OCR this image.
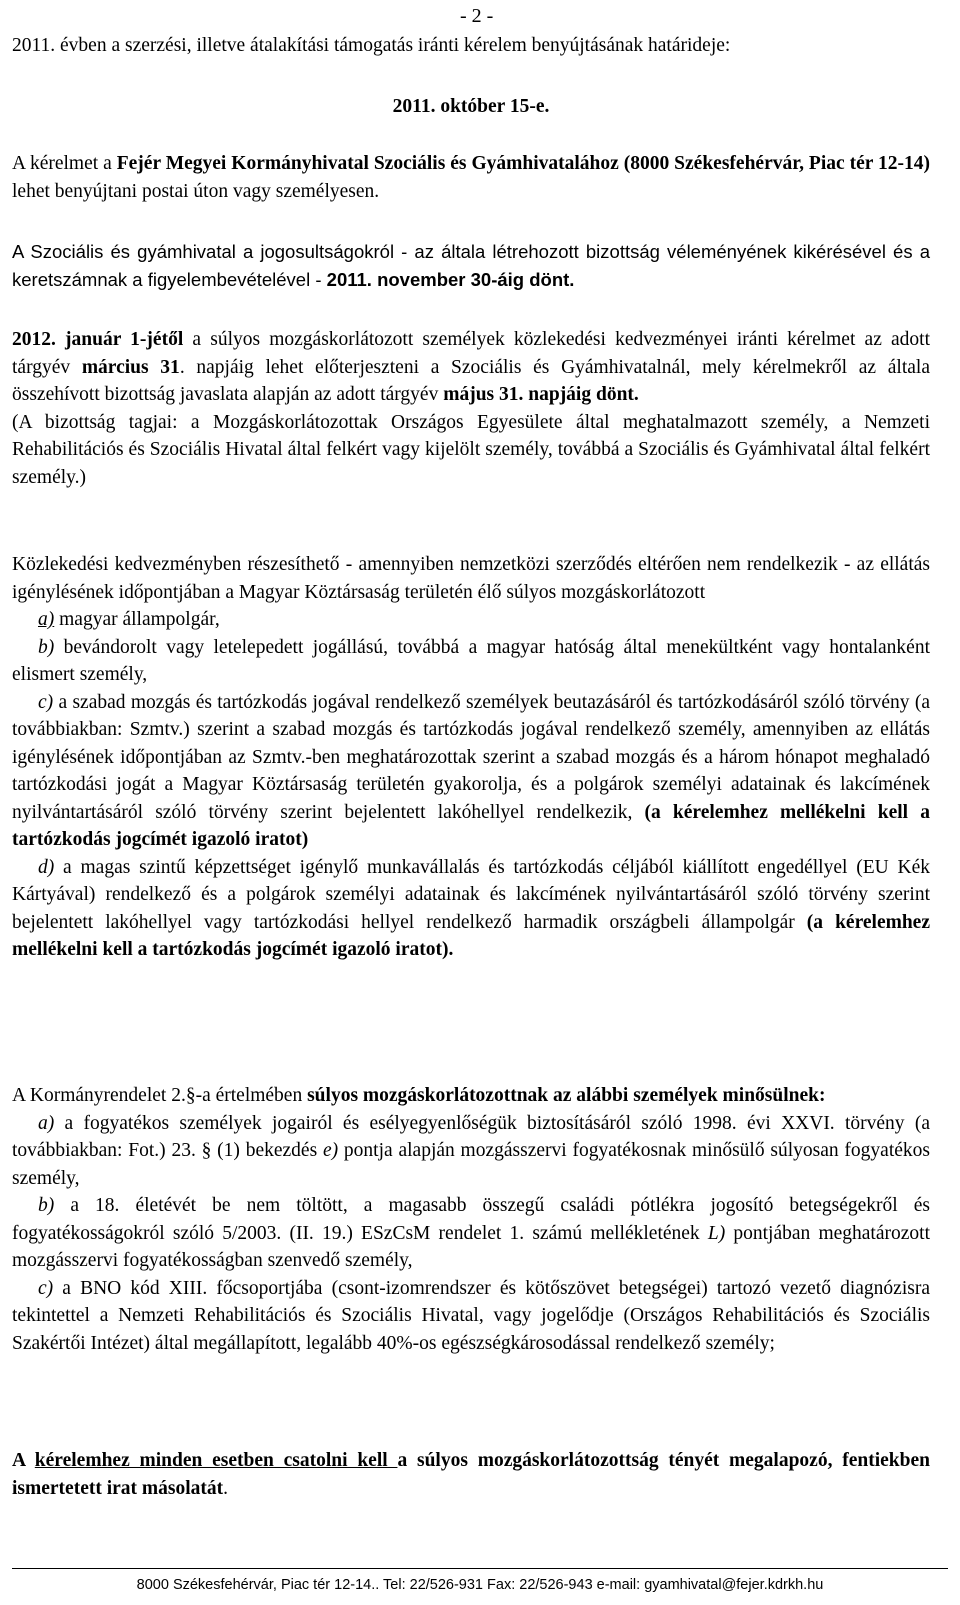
- 2 -

2011. évben a szerzési, illetve átalakítási támogatás iránti kérelem benyújtásának határideje:

2011. október 15-e.

A kérelmet a Fejér Megyei Kormányhivatal Szociális és Gyámhivatalához (8000 Székesfehérvár, Piac tér 12-14) lehet benyújtani postai úton vagy személyesen.

A Szociális és gyámhivatal a jogosultságokról - az általa létrehozott bizottság véleményének kikérésével és a keretszámnak a figyelembevételével - 2011. november 30-áig dönt.

2012. január 1-jétől a súlyos mozgáskorlátozott személyek közlekedési kedvezményei iránti kérelmet az adott tárgyév március 31. napjáig lehet előterjeszteni a Szociális és Gyámhivatalnál, mely kérelmekről az általa összehívott bizottság javaslata alapján az adott tárgyév május 31. napjáig dönt.

(A bizottság tagjai: a Mozgáskorlátozottak Országos Egyesülete által meghatalmazott személy, a Nemzeti Rehabilitációs és Szociális Hivatal által felkért vagy kijelölt személy, továbbá a Szociális és Gyámhivatal által felkért személy.)

Közlekedési kedvezményben részesíthető - amennyiben nemzetközi szerződés eltérően nem rendelkezik - az ellátás igénylésének időpontjában a Magyar Köztársaság területén élő súlyos mozgáskorlátozott

a) magyar állampolgár,

b) bevándorolt vagy letelepedett jogállású, továbbá a magyar hatóság által menekültként vagy hontalanként elismert személy,

c) a szabad mozgás és tartózkodás jogával rendelkező személyek beutazásáról és tartózkodásáról szóló törvény (a továbbiakban: Szmtv.) szerint a szabad mozgás és tartózkodás jogával rendelkező személy, amennyiben az ellátás igénylésének időpontjában az Szmtv.-ben meghatározottak szerint a szabad mozgás és a három hónapot meghaladó tartózkodási jogát a Magyar Köztársaság területén gyakorolja, és a polgárok személyi adatainak és lakcímének nyilvántartásáról szóló törvény szerint bejelentett lakóhellyel rendelkezik, (a kérelemhez mellékelni kell a tartózkodás jogcímét igazoló iratot)

d) a magas szintű képzettséget igénylő munkavállalás és tartózkodás céljából kiállított engedéllyel (EU Kék Kártyával) rendelkező és a polgárok személyi adatainak és lakcímének nyilvántartásáról szóló törvény szerint bejelentett lakóhellyel vagy tartózkodási hellyel rendelkező harmadik országbeli állampolgár (a kérelemhez mellékelni kell a tartózkodás jogcímét igazoló iratot).

A Kormányrendelet 2.§-a értelmében súlyos mozgáskorlátozottnak az alábbi személyek minősülnek:

a) a fogyatékos személyek jogairól és esélyegyenlőségük biztosításáról szóló 1998. évi XXVI. törvény (a továbbiakban: Fot.) 23. § (1) bekezdés e) pontja alapján mozgásszervi fogyatékosnak minősülő súlyosan fogyatékos személy,

b) a 18. életévét be nem töltött, a magasabb összegű családi pótlékra jogosító betegségekről és fogyatékosságokról szóló 5/2003. (II. 19.) ESzCsM rendelet 1. számú mellékletének L) pontjában meghatározott mozgásszervi fogyatékosságban szenvedő személy,

c) a BNO kód XIII. főcsoportjába (csont-izomrendszer és kötőszövet betegségei) tartozó vezető diagnózisra tekintettel a Nemzeti Rehabilitációs és Szociális Hivatal, vagy jogelődje (Országos Rehabilitációs és Szociális Szakértői Intézet) által megállapított, legalább 40%-os egészségkárosodással rendelkező személy;

A kérelemhez minden esetben csatolni kell a súlyos mozgáskorlátozottság tényét megalapozó, fentiekben ismertetett irat másolatát.

8000 Székesfehérvár, Piac tér 12-14.. Tel: 22/526-931 Fax: 22/526-943 e-mail: gyamhivatal@fejer.kdrkh.hu
